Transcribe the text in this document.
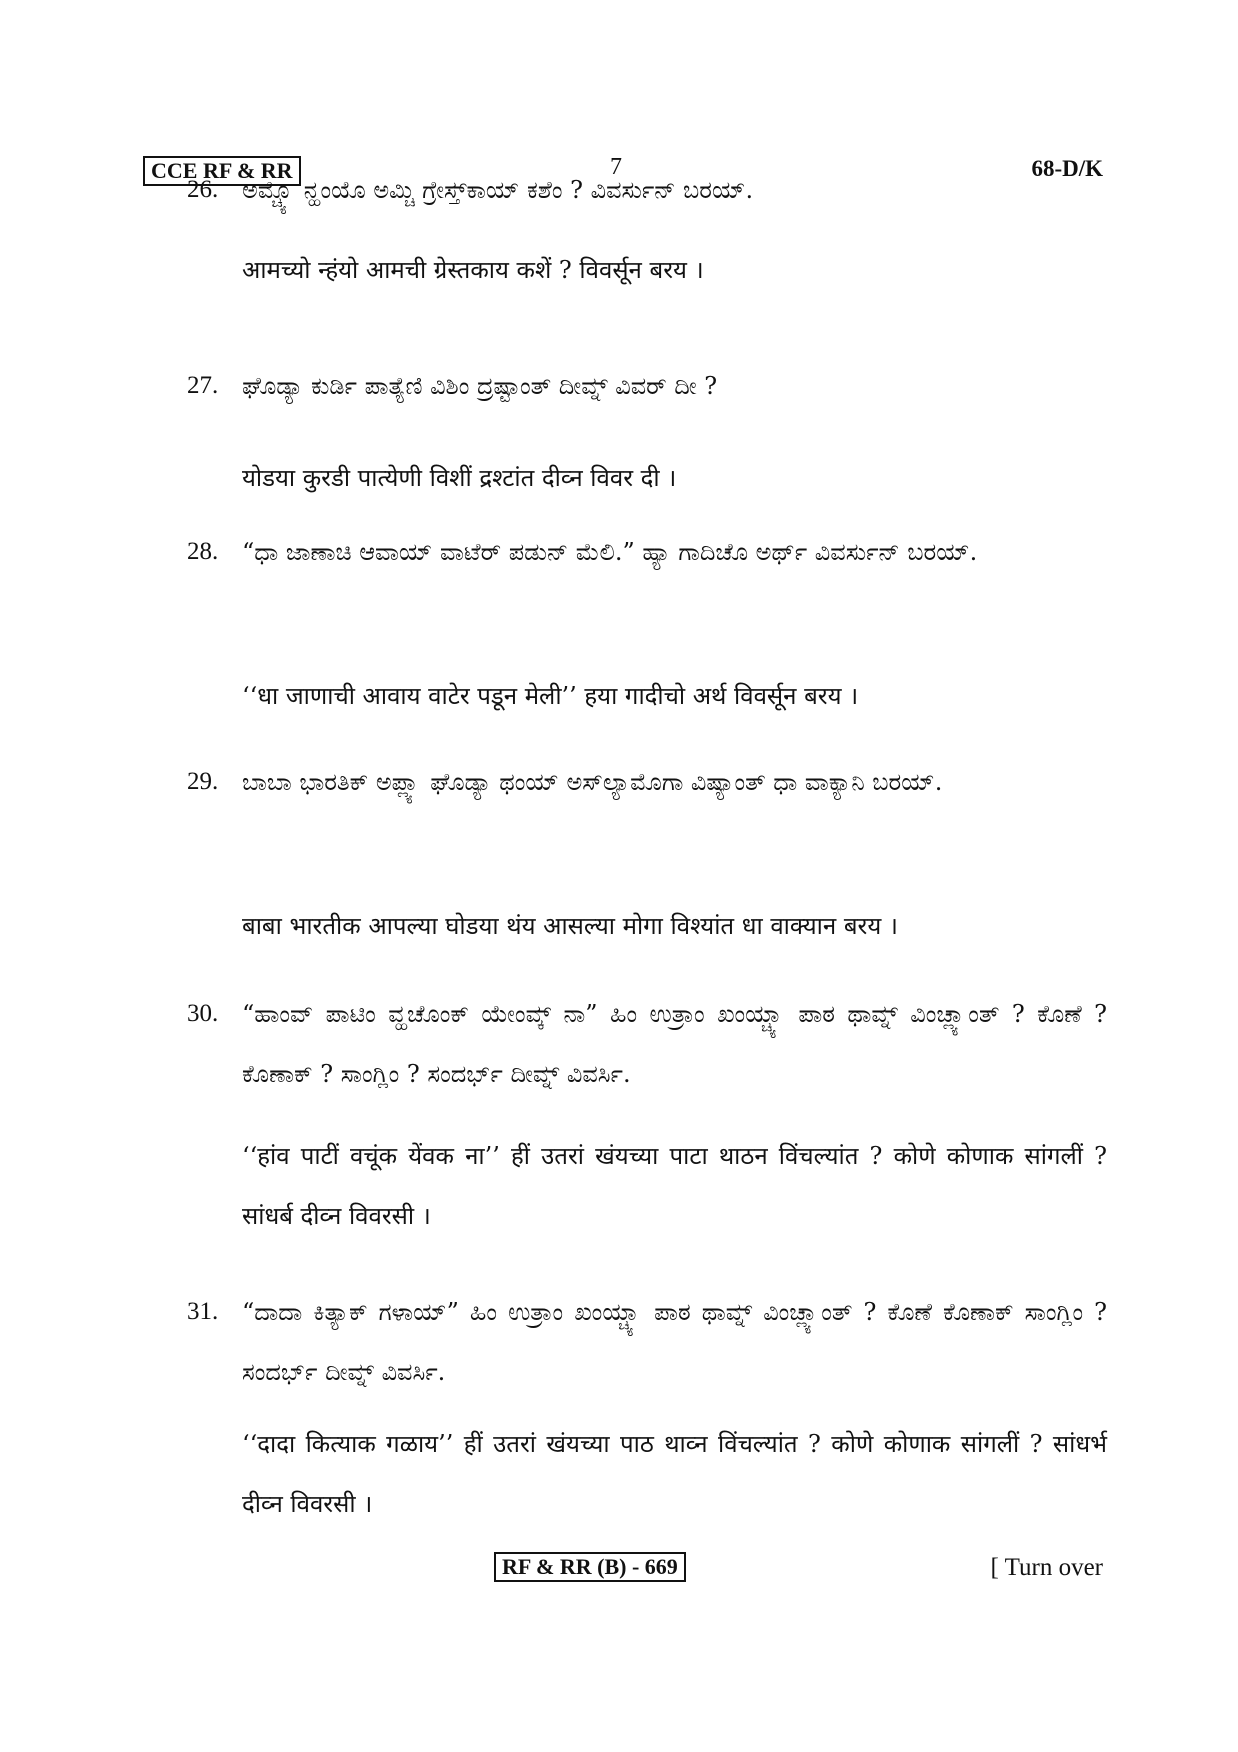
CCE RF & RR	7	68-D/K
26. ಅಮ್ಚ್ಯೊ ನ್ಹಂಯೊ ಅಮ್ಚಿ ಗ್ರೇಸ್ತ್‌ಕಾಯ್ ಕಶೆಂ ? ವಿವರ್ಸುನ್ ಬರಯ್.
आमच्यो न्हंयो आमची ग्रेस्तकाय कशें ? विवर्सून बरय ।
27. ಘೊಡ್ಯಾ ಕುರ್ಡಿ ಪಾತ್ಯೆಣಿ ವಿಶಿಂ ದ್ರಷ್ಟಾಂತ್ ದೀವ್ನ್ ವಿವರ್ ದೀ ?
योडया कुरडी पात्येणी विशीं द्रश्टांत दीव्न विवर दी ।
28. “ಧಾ ಜಾಣಾಚಿ ಆವಾಯ್ ವಾಟೆರ್ ಪಡುನ್ ಮೆಲಿ.” ಹ್ಯಾ ಗಾದಿಚೊ ಅರ್ಥ್ ವಿವರ್ಸುನ್ ಬರಯ್.
‘‘धा जाणाची आवाय वाटेर पडून मेली’’ हया गादीचो अर्थ विवर्सून बरय ।
29. ಬಾಬಾ ಭಾರತಿಕ್ ಅಪ್ಲ್ಯಾ ಘೊಡ್ಯಾ ಥಂಯ್ ಅಸ್‌ಲ್ಯಾಮೊಗಾ ವಿಷ್ಯಾಂತ್ ಧಾ ವಾಕ್ಯಾನಿ ಬರಯ್.
बाबा भारतीक आपल्या घोडया थंय आसल्या मोगा विश्यांत धा वाक्यान बरय ।
30. “ಹಾಂವ್ ಪಾಟಿಂ ವ್ಹಚೊಂಕ್ ಯೇಂವ್ಕ್ ನಾ” ಹಿಂ ಉತ್ರಾಂ ಖಂಯ್ಚ್ಯಾ ಪಾಠ ಥಾವ್ನ್ ವಿಂಚ್ಲ್ಯಾಂತ್ ? ಕೊಣೆ ? ಕೊಣಾಕ್ ? ಸಾಂಗ್ಲಿಂ ? ಸಂದರ್ಭ್ ದೀವ್ನ್ ವಿವರ್ಸಿ.
‘‘हांव पाटीं वचूंक येंवक ना’’ हीं उतरां खंयच्या पाटा थाठन विंचल्यांत ? कोणे कोणाक सांगलीं ? सांधर्ब दीव्न विवरसी ।
31. “ದಾದಾ ಕಿತ್ಯಾಕ್ ಗಳಾಯ್” ಹಿಂ ಉತ್ರಾಂ ಖಂಯ್ಚ್ಯಾ ಪಾಠ ಥಾವ್ನ್ ವಿಂಚ್ಲ್ಯಾಂತ್ ? ಕೊಣೆ ಕೊಣಾಕ್ ಸಾಂಗ್ಲಿಂ ? ಸಂದರ್ಭ್ ದೀವ್ನ್ ವಿವರ್ಸಿ.
‘‘दादा कित्याक गळाय’’ हीं उतरां खंयच्या पाठ थाव्न विंचल्यांत ? कोणे कोणाक सांगलीं ? सांधर्भ दीव्न विवरसी ।
RF & RR (B) - 669	[ Turn over
